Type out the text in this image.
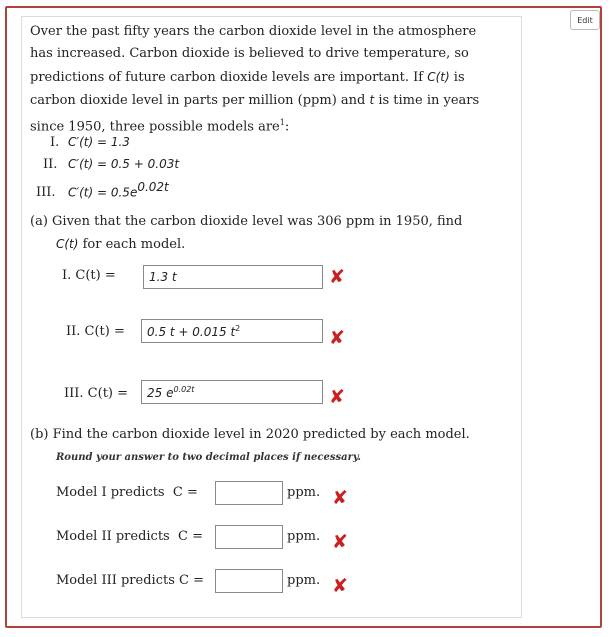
Edit
Over the past fifty years the carbon dioxide level in the atmosphere
has increased. Carbon dioxide is believed to drive temperature, so
predictions of future carbon dioxide levels are important. If C(t) is
carbon dioxide level in parts per million (ppm) and t is time in years
since 1950, three possible models are$^1$:
I. C′(t) = 1.3
II. C′(t) = 0.5 + 0.03t
III. $C'(t) = 0.5e^{0.02t}$
(a) Given that the carbon dioxide level was 306 ppm in 1950, find
C(t) for each model.
I. C(t) =	1.3 t	✘
II. C(t) =	0.5 t + 0.015 $t^2$	✘
III. C(t) =	25 $e^{0.02t}$	✘
(b) Find the carbon dioxide level in 2020 predicted by each model.
Round your answer to two decimal places if necessary.
Model I predicts  C =	ppm. ✘
Model II predicts  C =	ppm. ✘
Model III predicts C =	ppm. ✘
